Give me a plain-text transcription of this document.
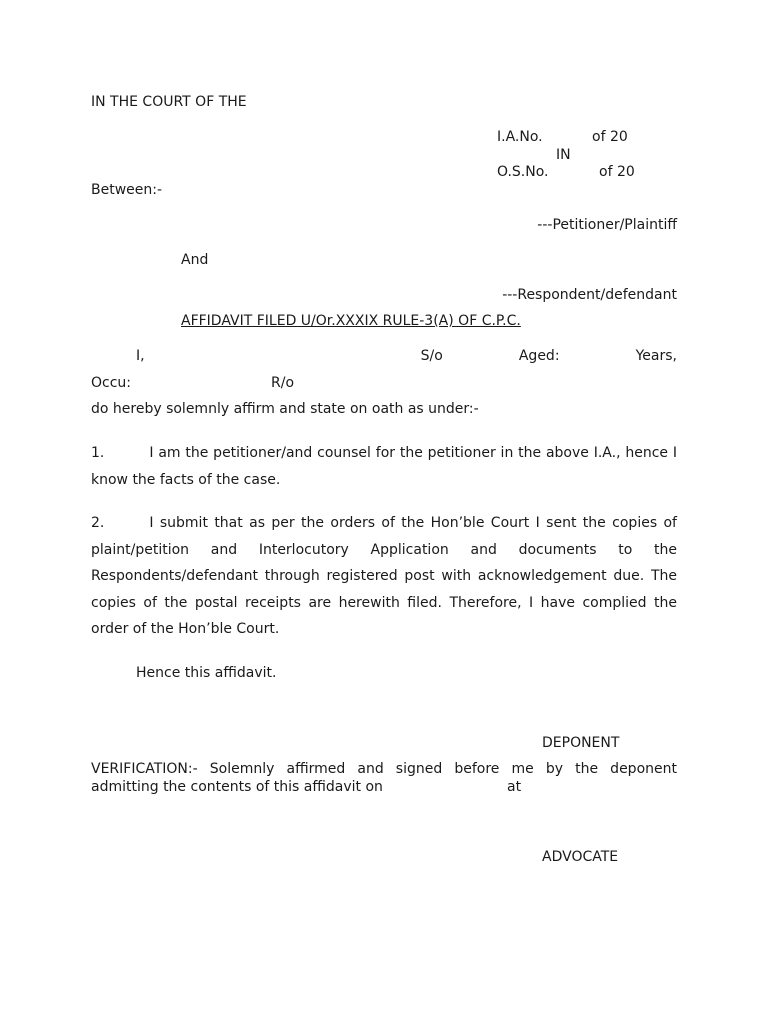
IN THE COURT OF THE
I.A.No.	of 20
IN
O.S.No.	of 20
Between:-
---Petitioner/Plaintiff
And
---Respondent/defendant
AFFIDAVIT FILED U/Or.XXXIX RULE-3(A) OF C.P.C.
I,	S/o	Aged:	Years,
Occu:	R/o
do hereby solemnly affirm and state on oath as under:-
1.	I am the petitioner/and counsel for the petitioner in the above I.A., hence I know the facts of the case.
2.	I submit that as per the orders of the Hon’ble Court I sent the copies of plaint/petition and Interlocutory Application and documents to the Respondents/defendant through registered post with acknowledgement due. The copies of the postal receipts are herewith filed. Therefore, I have complied the order of the Hon’ble Court.
Hence this affidavit.
DEPONENT
VERIFICATION:- Solemnly affirmed and signed before me by the deponent admitting the contents of this affidavit on	at
ADVOCATE
